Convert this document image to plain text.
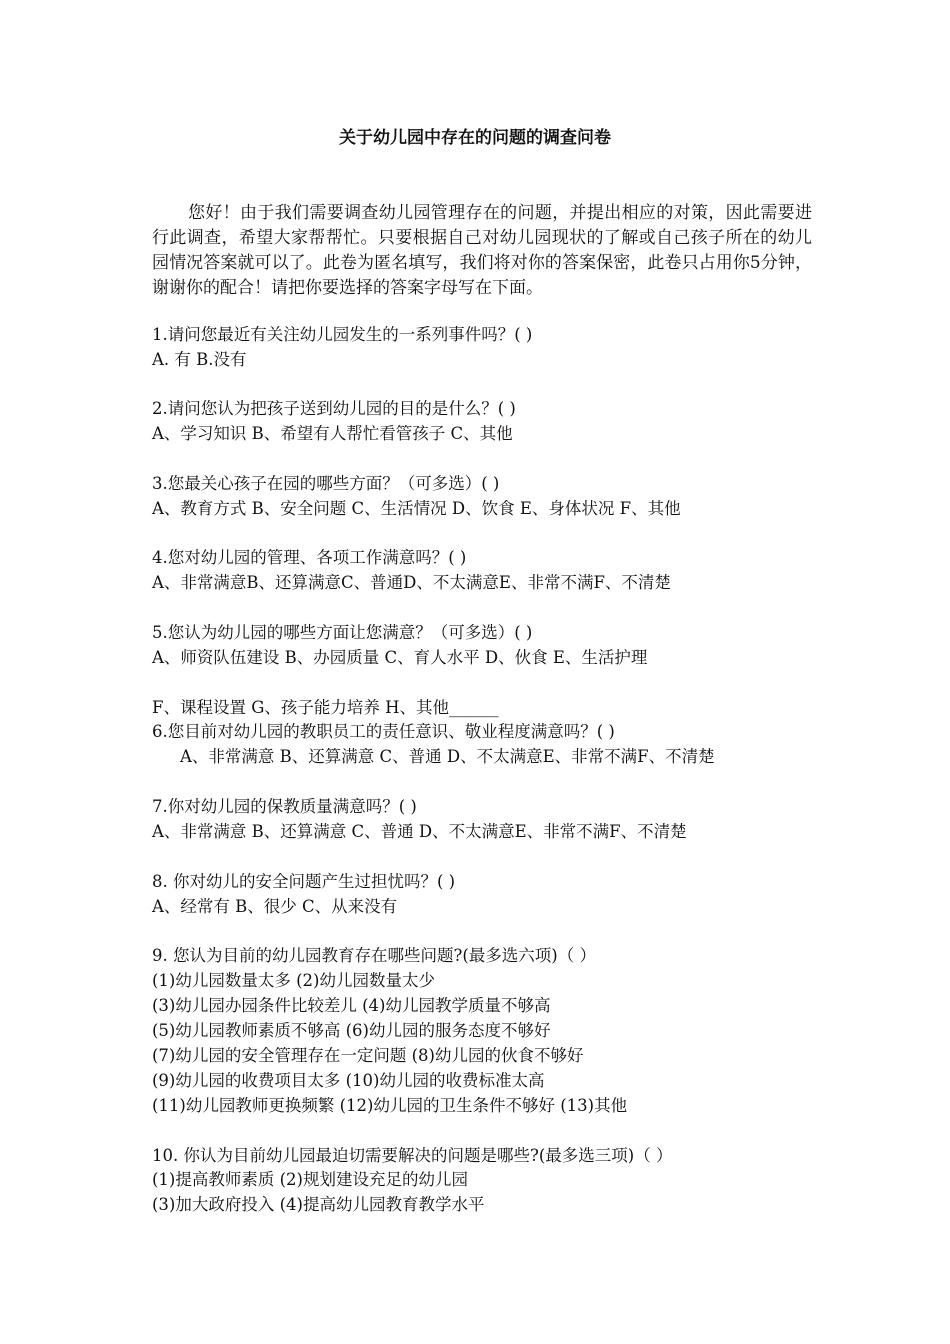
关于幼儿园中存在的问题的调查问卷

您好！由于我们需要调查幼儿园管理存在的问题，并提出相应的对策，因此需要进行此调查，希望大家帮帮忙。只要根据自己对幼儿园现状的了解或自己孩子所在的幼儿园情况答案就可以了。此卷为匿名填写，我们将对你的答案保密，此卷只占用你5分钟，谢谢你的配合！请把你要选择的答案字母写在下面。

1.请问您最近有关注幼儿园发生的一系列事件吗？( )
A. 有 B.没有
2.请问您认为把孩子送到幼儿园的目的是什么？( )
A、学习知识 B、希望有人帮忙看管孩子 C、其他
3.您最关心孩子在园的哪些方面？（可多选）( )
A、教育方式 B、安全问题 C、生活情况 D、饮食 E、身体状况 F、其他
4.您对幼儿园的管理、各项工作满意吗？( )
A、非常满意B、还算满意C、普通D、不太满意E、非常不满F、不清楚
5.您认为幼儿园的哪些方面让您满意？（可多选）( )
A、师资队伍建设 B、办园质量 C、育人水平 D、伙食 E、生活护理
F、课程设置 G、孩子能力培养 H、其他______
6.您目前对幼儿园的教职员工的责任意识、敬业程度满意吗？( )
A、非常满意 B、还算满意 C、普通 D、不太满意E、非常不满F、不清楚
7.你对幼儿园的保教质量满意吗？( )
A、非常满意 B、还算满意 C、普通 D、不太满意E、非常不满F、不清楚
8. 你对幼儿的安全问题产生过担忧吗？( )
A、经常有 B、很少 C、从来没有
9. 您认为目前的幼儿园教育存在哪些问题?(最多选六项)（ ）
(1)幼儿园数量太多 (2)幼儿园数量太少
(3)幼儿园办园条件比较差儿 (4)幼儿园教学质量不够高
(5)幼儿园教师素质不够高 (6)幼儿园的服务态度不够好
(7)幼儿园的安全管理存在一定问题 (8)幼儿园的伙食不够好
(9)幼儿园的收费项目太多 (10)幼儿园的收费标准太高
(11)幼儿园教师更换频繁 (12)幼儿园的卫生条件不够好 (13)其他
10. 你认为目前幼儿园最迫切需要解决的问题是哪些?(最多选三项)（ ）
(1)提高教师素质 (2)规划建设充足的幼儿园
(3)加大政府投入 (4)提高幼儿园教育教学水平
